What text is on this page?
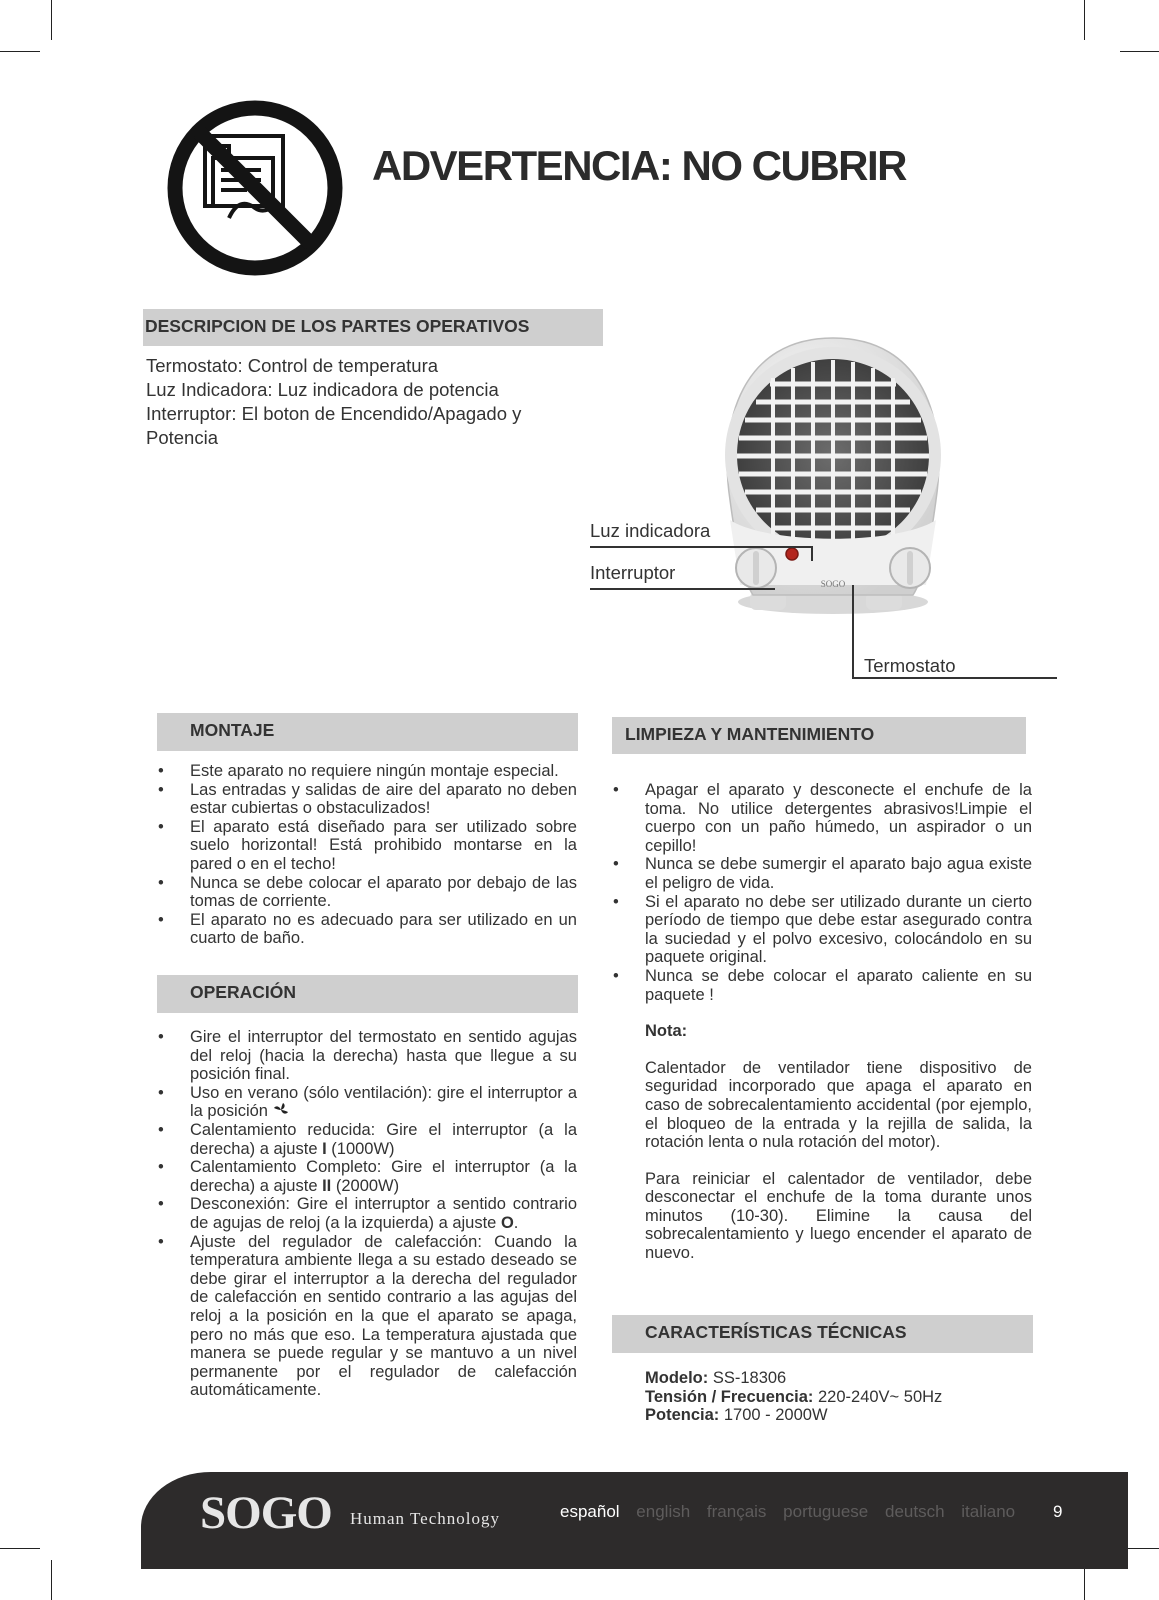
ADVERTENCIA: NO CUBRIR
DESCRIPCION DE LOS PARTES OPERATIVOS
Termostato: Control de temperatura
Luz Indicadora: Luz indicadora de potencia
Interruptor: El boton de Encendido/Apagado y
Potencia
SOGO
Luz indicadora
Interruptor
Termostato
MONTAJE
• Este aparato no requiere ningún montaje especial.
• Las entradas y salidas de aire del aparato no deben estar cubiertas o obstaculizados!
• El aparato está diseñado para ser utilizado sobre suelo horizontal! Está prohibido montarse en la pared o en el techo!
• Nunca se debe colocar el aparato por debajo de las tomas de corriente.
• El aparato no es adecuado para ser utilizado en un cuarto de baño.
OPERACIÓN
• Gire el interruptor del termostato en sentido agujas del reloj (hacia la derecha) hasta que llegue a su posición final.
• Uso en verano (sólo ventilación): gire el interruptor a la posición
• Calentamiento reducida: Gire el interruptor (a la derecha) a ajuste I (1000W)
• Calentamiento Completo: Gire el interruptor (a la derecha) a ajuste II (2000W)
• Desconexión: Gire el interruptor a sentido contrario de agujas de reloj (a la izquierda) a ajuste O.
• Ajuste del regulador de calefacción: Cuando la temperatura ambiente llega a su estado deseado se debe girar el interruptor a la derecha del regulador de calefacción en sentido contrario a las agujas del reloj a la posición en la que el aparato se apaga, pero no más que eso. La temperatura ajustada que manera se puede regular y se mantuvo a un nivel permanente por el regulador de calefacción automáticamente.
LIMPIEZA Y MANTENIMIENTO
• Apagar el aparato y desconecte el enchufe de la toma. No utilice detergentes abrasivos!Limpie el cuerpo con un paño húmedo, un aspirador o un cepillo!
• Nunca se debe sumergir el aparato bajo agua existe el peligro de vida.
• Si el aparato no debe ser utilizado durante un cierto período de tiempo que debe estar asegurado contra la suciedad y el polvo excesivo, colocándolo en su paquete original.
• Nunca se debe colocar el aparato caliente en su paquete !
Nota:
Calentador de ventilador tiene dispositivo de seguridad incorporado que apaga el aparato en caso de sobrecalentamiento accidental (por ejemplo, el bloqueo de la entrada y la rejilla de salida, la rotación lenta o nula rotación del motor).
Para reiniciar el calentador de ventilador, debe desconectar el enchufe de la toma durante unos minutos (10-30). Elimine la causa del sobrecalentamiento y luego encender el aparato de nuevo.
CARACTERÍSTICAS TÉCNICAS
Modelo: SS-18306
Tensión / Frecuencia: 220-240V~ 50Hz
Potencia: 1700 - 2000W
SOGO Human Technology	español english français portuguese deutsch italiano	9
